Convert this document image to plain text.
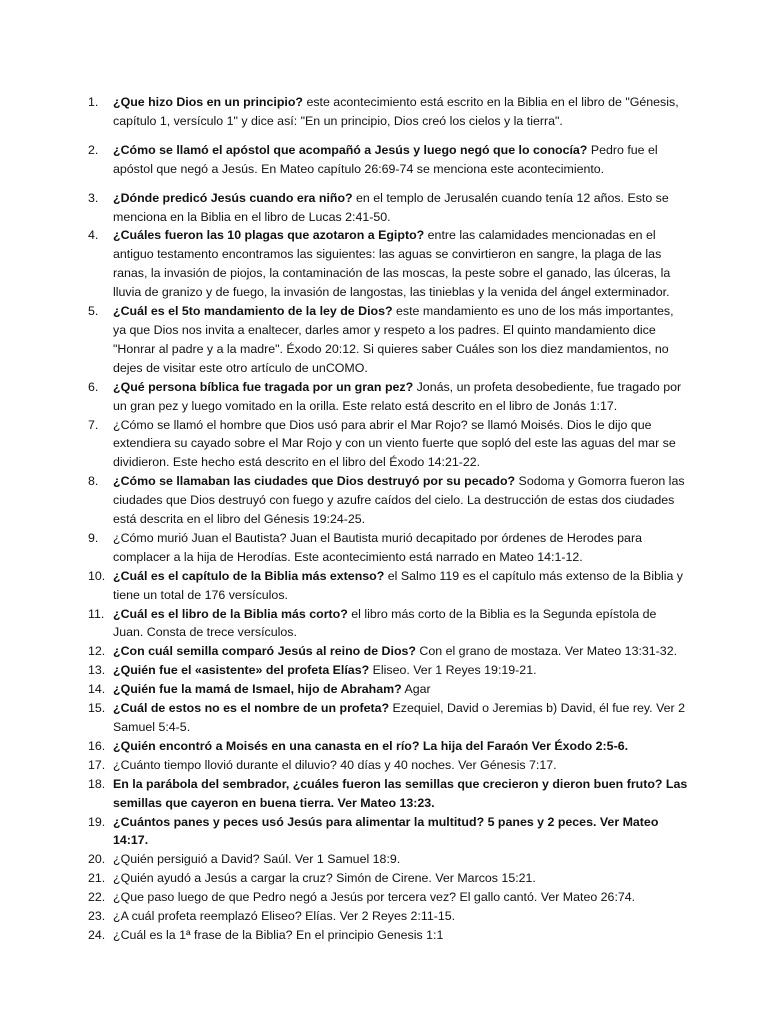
1.	¿Que hizo Dios en un principio? este acontecimiento está escrito en la Biblia en el libro de "Génesis, capítulo 1, versículo 1" y dice así: "En un principio, Dios creó los cielos y la tierra".
2.	¿Cómo se llamó el apóstol que acompañó a Jesús y luego negó que lo conocía? Pedro fue el apóstol que negó a Jesús. En Mateo capítulo 26:69-74 se menciona este acontecimiento.
3.	¿Dónde predicó Jesús cuando era niño? en el templo de Jerusalén cuando tenía 12 años. Esto se menciona en la Biblia en el libro de Lucas 2:41-50.
4.	¿Cuáles fueron las 10 plagas que azotaron a Egipto? entre las calamidades mencionadas en el antiguo testamento encontramos las siguientes: las aguas se convirtieron en sangre, la plaga de las ranas, la invasión de piojos, la contaminación de las moscas, la peste sobre el ganado, las úlceras, la lluvia de granizo y de fuego, la invasión de langostas, las tinieblas y la venida del ángel exterminador.
5.	¿Cuál es el 5to mandamiento de la ley de Dios? este mandamiento es uno de los más importantes, ya que Dios nos invita a enaltecer, darles amor y respeto a los padres. El quinto mandamiento dice "Honrar al padre y a la madre". Éxodo 20:12. Si quieres saber Cuáles son los diez mandamientos, no dejes de visitar este otro artículo de unCOMO.
6.	¿Qué persona bíblica fue tragada por un gran pez? Jonás, un profeta desobediente, fue tragado por un gran pez y luego vomitado en la orilla. Este relato está descrito en el libro de Jonás 1:17.
7.	¿Cómo se llamó el hombre que Dios usó para abrir el Mar Rojo? se llamó Moisés. Dios le dijo que extendiera su cayado sobre el Mar Rojo y con un viento fuerte que sopló del este las aguas del mar se dividieron. Este hecho está descrito en el libro del Éxodo 14:21-22.
8.	¿Cómo se llamaban las ciudades que Dios destruyó por su pecado? Sodoma y Gomorra fueron las ciudades que Dios destruyó con fuego y azufre caídos del cielo. La destrucción de estas dos ciudades está descrita en el libro del Génesis 19:24-25.
9.	¿Cómo murió Juan el Bautista? Juan el Bautista murió decapitado por órdenes de Herodes para complacer a la hija de Herodías. Este acontecimiento está narrado en Mateo 14:1-12.
10. ¿Cuál es el capítulo de la Biblia más extenso? el Salmo 119 es el capítulo más extenso de la Biblia y tiene un total de 176 versículos.
11. ¿Cuál es el libro de la Biblia más corto? el libro más corto de la Biblia es la Segunda epístola de Juan. Consta de trece versículos.
12. ¿Con cuál semilla comparó Jesús al reino de Dios? Con el grano de mostaza. Ver Mateo 13:31-32.
13. ¿Quién fue el «asistente» del profeta Elías? Eliseo. Ver 1 Reyes 19:19-21.
14. ¿Quién fue la mamá de Ismael, hijo de Abraham? Agar
15. ¿Cuál de estos no es el nombre de un profeta? Ezequiel, David o Jeremias b) David, él fue rey. Ver 2 Samuel 5:4-5.
16. ¿Quién encontró a Moisés en una canasta en el río? La hija del Faraón Ver Éxodo 2:5-6.
17. ¿Cuánto tiempo llovió durante el diluvio? 40 días y 40 noches. Ver Génesis 7:17.
18. En la parábola del sembrador, ¿cuáles fueron las semillas que crecieron y dieron buen fruto? Las semillas que cayeron en buena tierra. Ver Mateo 13:23.
19. ¿Cuántos panes y peces usó Jesús para alimentar la multitud? 5 panes y 2 peces. Ver Mateo 14:17.
20. ¿Quién persiguió a David? Saúl. Ver 1 Samuel 18:9.
21. ¿Quién ayudó a Jesús a cargar la cruz? Simón de Cirene. Ver Marcos 15:21.
22. ¿Que paso luego de que Pedro negó a Jesús por tercera vez? El gallo cantó. Ver Mateo 26:74.
23. ¿A cuál profeta reemplazó Eliseo? Elías. Ver 2 Reyes 2:11-15.
24. ¿Cuál es la 1ª frase de la Biblia? En el principio Genesis 1:1
